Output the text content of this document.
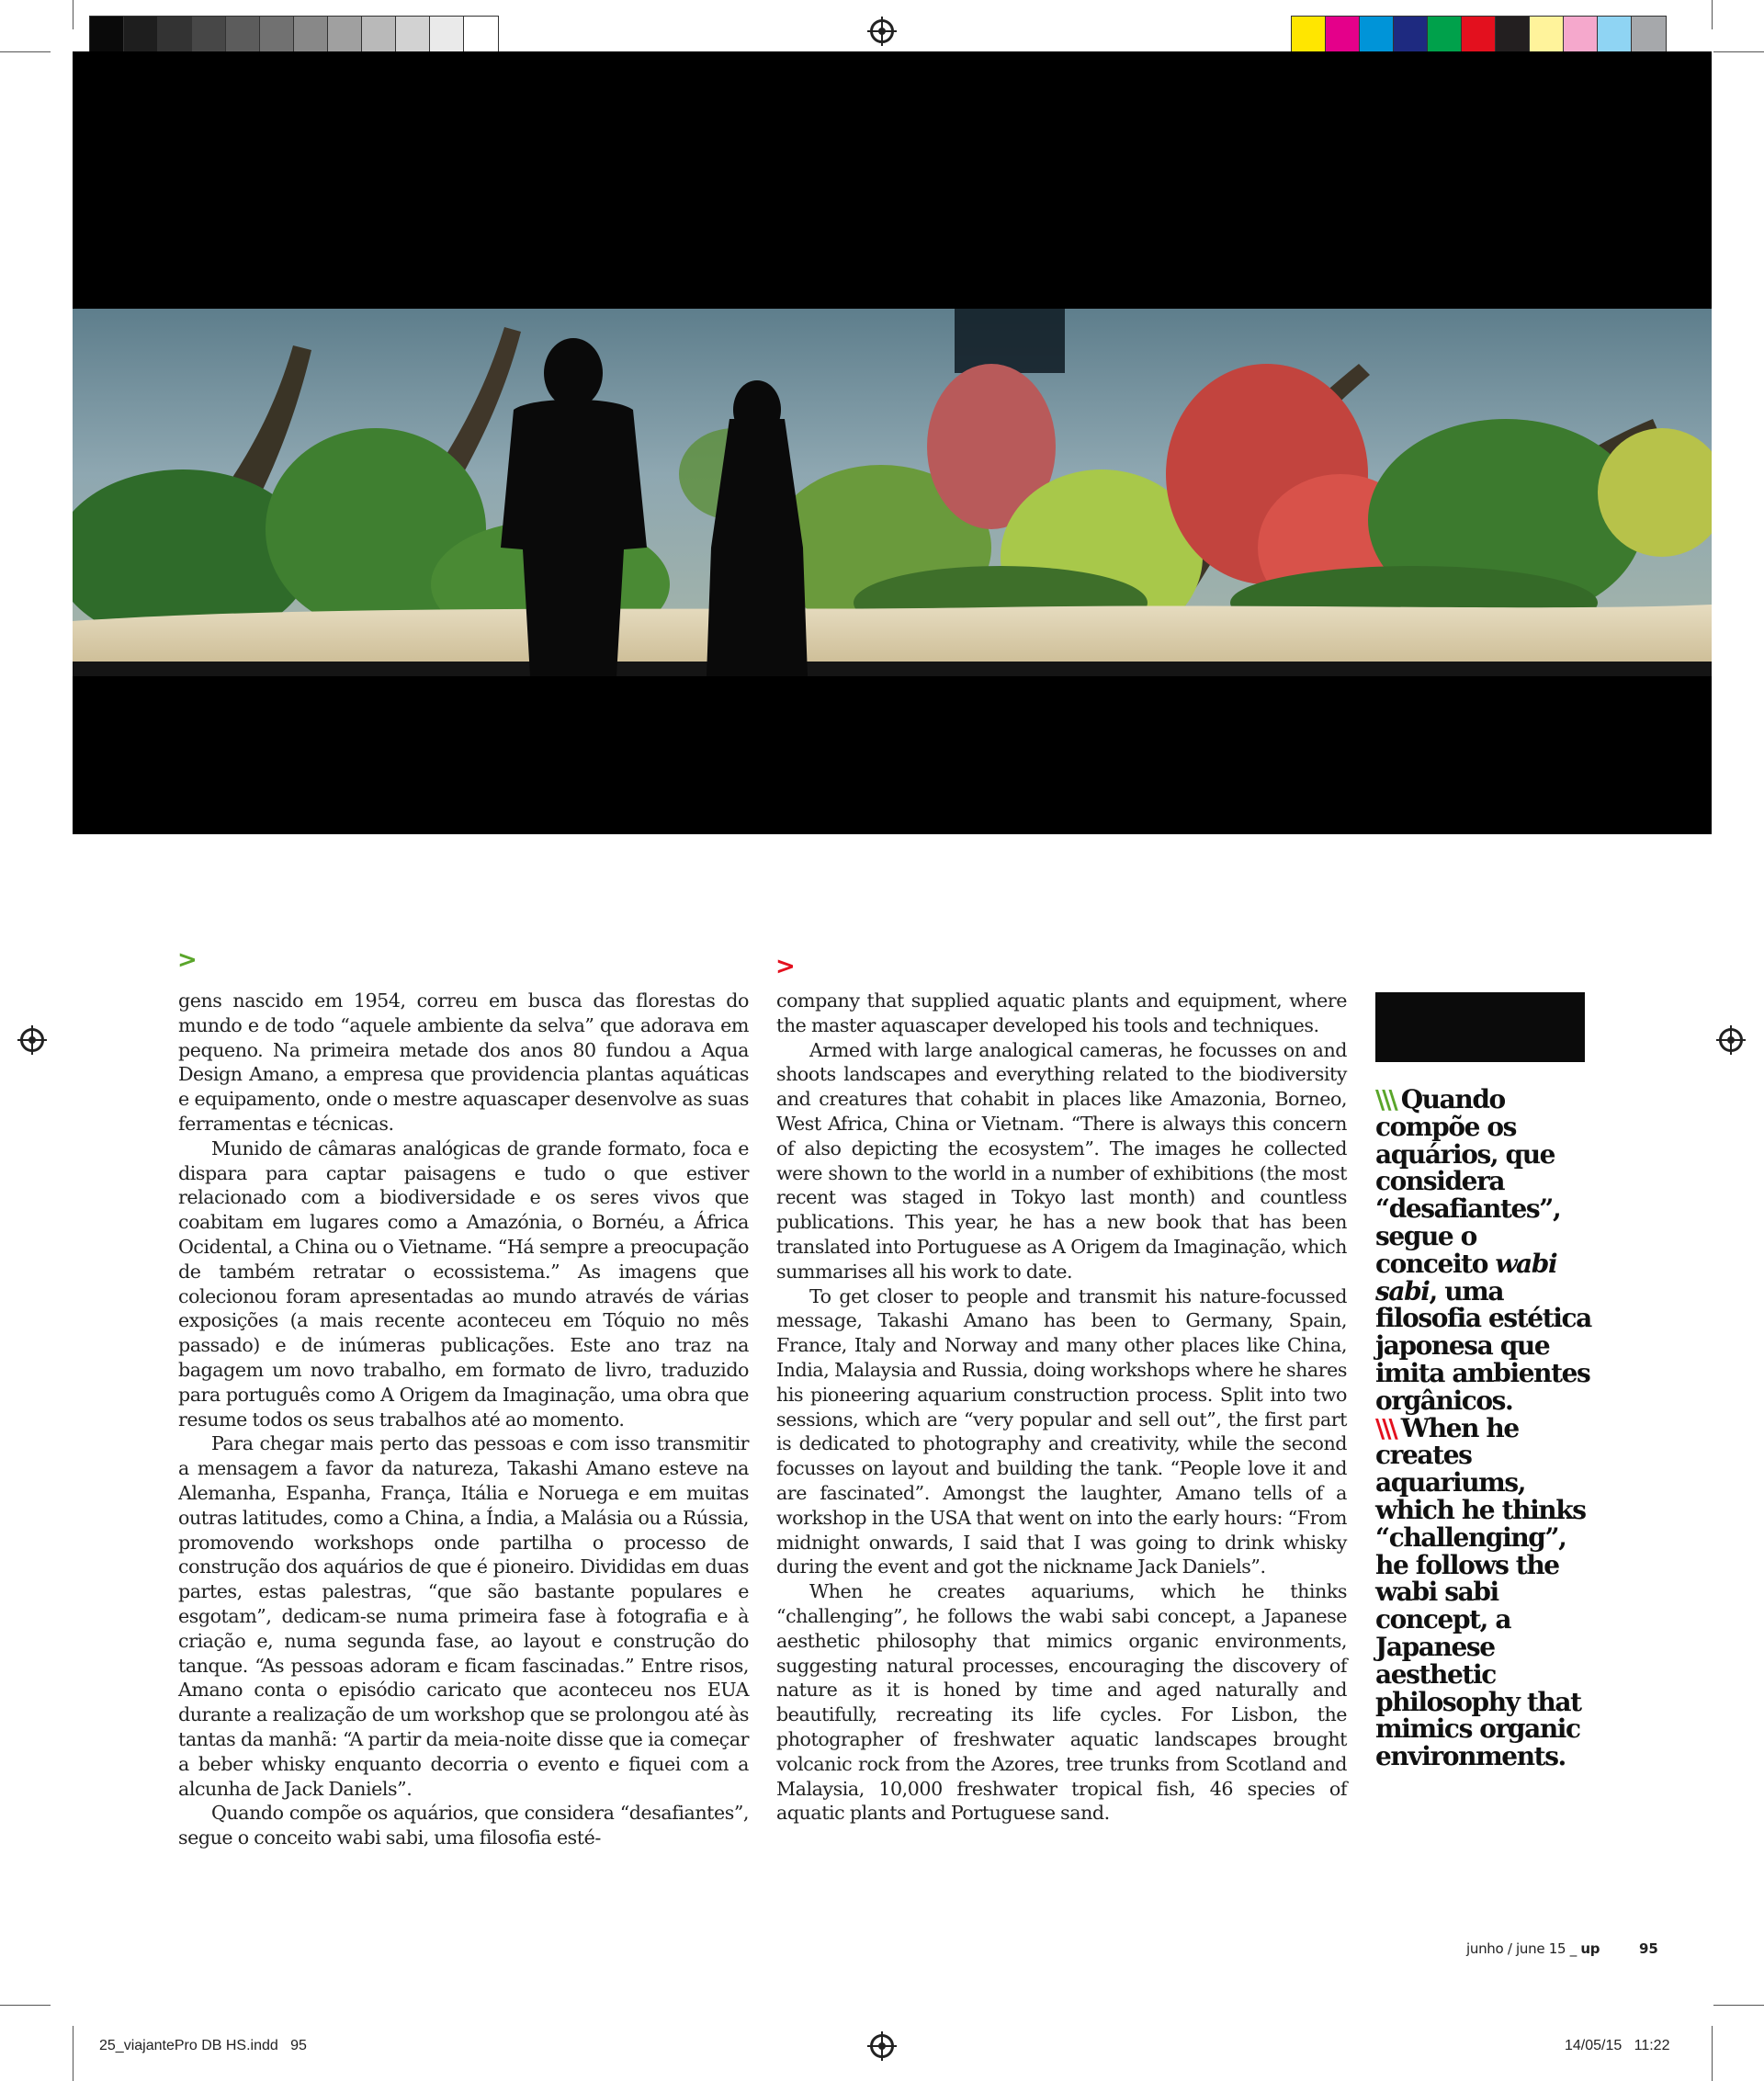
>

gens nascido em 1954, correu em busca das florestas do mundo e de todo “aquele ambiente da selva” que adorava em pequeno. Na primeira metade dos anos 80 fundou a Aqua Design Amano, a empresa que providencia plantas aquáticas e equipamento, onde o mestre aquascaper desenvolve as suas ferramentas e técnicas.

Munido de câmaras analógicas de grande formato, foca e dispara para captar paisagens e tudo o que estiver relacionado com a biodiversidade e os seres vivos que coabitam em lugares como a Amazónia, o Bornéu, a África Ocidental, a China ou o Vietname. “Há sempre a preocupação de também retratar o ecossistema.” As imagens que colecionou foram apresentadas ao mundo através de várias exposições (a mais recente aconteceu em Tóquio no mês passado) e de inúmeras publicações. Este ano traz na bagagem um novo trabalho, em formato de livro, traduzido para português como A Origem da Imaginação, uma obra que resume todos os seus trabalhos até ao momento.

Para chegar mais perto das pessoas e com isso transmitir a mensagem a favor da natureza, Takashi Amano esteve na Alemanha, Espanha, França, Itália e Noruega e em muitas outras latitudes, como a China, a Índia, a Malásia ou a Rússia, promovendo workshops onde partilha o processo de construção dos aquários de que é pioneiro. Divididas em duas partes, estas palestras, “que são bastante populares e esgotam”, dedicam-se numa primeira fase à fotografia e à criação e, numa segunda fase, ao layout e construção do tanque. “As pessoas adoram e ficam fascinadas.” Entre risos, Amano conta o episódio caricato que aconteceu nos EUA durante a realização de um workshop que se prolongou até às tantas da manhã: “A partir da meia-noite disse que ia começar a beber whisky enquanto decorria o evento e fiquei com a alcunha de Jack Daniels”.

Quando compõe os aquários, que considera “desafiantes”, segue o conceito wabi sabi, uma filosofia esté-

>

company that supplied aquatic plants and equipment, where the master aquascaper developed his tools and techniques.

Armed with large analogical cameras, he focusses on and shoots landscapes and everything related to the biodiversity and creatures that cohabit in places like Amazonia, Borneo, West Africa, China or Vietnam. “There is always this concern of also depicting the ecosystem”. The images he collected were shown to the world in a number of exhibitions (the most recent was staged in Tokyo last month) and countless publications. This year, he has a new book that has been translated into Portuguese as A Origem da Imaginação, which summarises all his work to date.

To get closer to people and transmit his nature-focussed message, Takashi Amano has been to Germany, Spain, France, Italy and Norway and many other places like China, India, Malaysia and Russia, doing workshops where he shares his pioneering aquarium construction process. Split into two sessions, which are “very popular and sell out”, the first part is dedicated to photography and creativity, while the second focusses on layout and building the tank. “People love it and are fascinated”. Amongst the laughter, Amano tells of a workshop in the USA that went on into the early hours: “From midnight onwards, I said that I was going to drink whisky during the event and got the nickname Jack Daniels”.

When he creates aquariums, which he thinks “challenging”, he follows the wabi sabi concept, a Japanese aesthetic philosophy that mimics organic environments, suggesting natural processes, encouraging the discovery of nature as it is honed by time and aged naturally and beautifully, recreating its life cycles. For Lisbon, the photographer of freshwater aquatic landscapes brought volcanic rock from the Azores, tree trunks from Scotland and Malaysia, 10,000 freshwater tropical fish, 46 species of aquatic plants and Portuguese sand.

\\\ Quando compõe os aquários, que considera “desafiantes”, segue o conceito wabi sabi, uma filosofia estética japonesa que imita ambientes orgânicos.
\\\ When he creates aquariums, which he thinks “challenging”, he follows the wabi sabi concept, a Japanese aesthetic philosophy that mimics organic environments.
junho / june 15 _ up	95
25_viajantePro DB HS.indd   95	14/05/15   11:22
